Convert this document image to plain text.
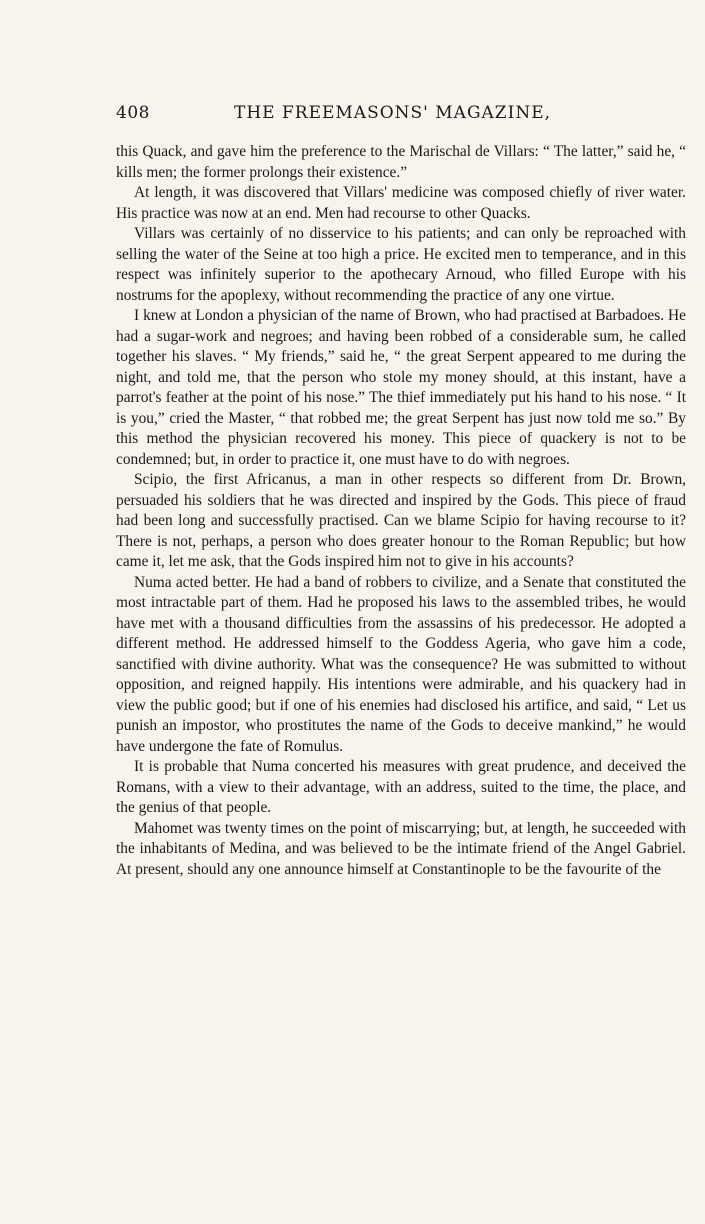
408	THE FREEMASONS' MAGAZINE,

this Quack, and gave him the preference to the Marischal de Villars: “ The latter,” said he, “ kills men; the former prolongs their existence.”

At length, it was discovered that Villars' medicine was composed chiefly of river water. His practice was now at an end. Men had recourse to other Quacks.

Villars was certainly of no disservice to his patients; and can only be reproached with selling the water of the Seine at too high a price. He excited men to temperance, and in this respect was infinitely superior to the apothecary Arnoud, who filled Europe with his nostrums for the apoplexy, without recommending the practice of any one virtue.

I knew at London a physician of the name of Brown, who had practised at Barbadoes. He had a sugar-work and negroes; and having been robbed of a considerable sum, he called together his slaves. “ My friends,” said he, “ the great Serpent appeared to me during the night, and told me, that the person who stole my money should, at this instant, have a parrot's feather at the point of his nose.” The thief immediately put his hand to his nose. “ It is you,” cried the Master, “ that robbed me; the great Serpent has just now told me so.” By this method the physician recovered his money. This piece of quackery is not to be condemned; but, in order to practice it, one must have to do with negroes.

Scipio, the first Africanus, a man in other respects so different from Dr. Brown, persuaded his soldiers that he was directed and inspired by the Gods. This piece of fraud had been long and successfully practised. Can we blame Scipio for having recourse to it? There is not, perhaps, a person who does greater honour to the Roman Republic; but how came it, let me ask, that the Gods inspired him not to give in his accounts?

Numa acted better. He had a band of robbers to civilize, and a Senate that constituted the most intractable part of them. Had he proposed his laws to the assembled tribes, he would have met with a thousand difficulties from the assassins of his predecessor. He adopted a different method. He addressed himself to the Goddess Ageria, who gave him a code, sanctified with divine authority. What was the consequence? He was submitted to without opposition, and reigned happily. His intentions were admirable, and his quackery had in view the public good; but if one of his enemies had disclosed his artifice, and said, “ Let us punish an impostor, who prostitutes the name of the Gods to deceive mankind,” he would have undergone the fate of Romulus.

It is probable that Numa concerted his measures with great prudence, and deceived the Romans, with a view to their advantage, with an address, suited to the time, the place, and the genius of that people.

Mahomet was twenty times on the point of miscarrying; but, at length, he succeeded with the inhabitants of Medina, and was believed to be the intimate friend of the Angel Gabriel. At present, should any one announce himself at Constantinople to be the favourite of the
